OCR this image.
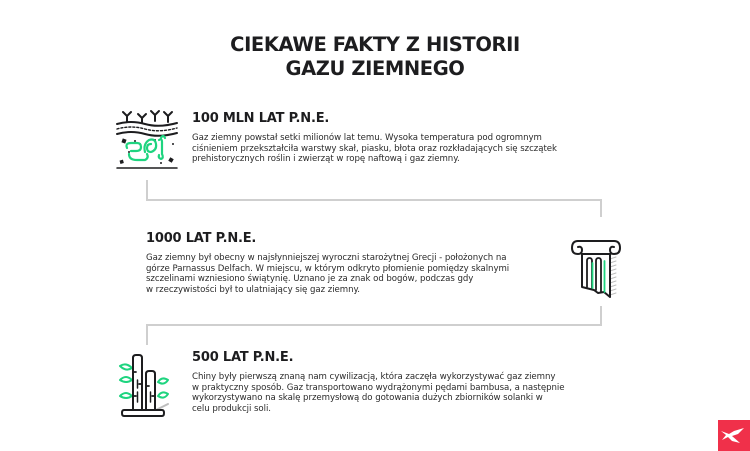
CIEKAWE FAKTY Z HISTORII
GAZU ZIEMNEGO
100 MLN LAT P.N.E.

Gaz ziemny powstał setki milionów lat temu. Wysoka temperatura pod ogromnym
ciśnieniem przekształciła warstwy skał, piasku, błota oraz rozkładających się szczątek
prehistorycznych roślin i zwierząt w ropę naftową i gaz ziemny.

1000 LAT P.N.E.

Gaz ziemny był obecny w najsłynniejszej wyroczni starożytnej Grecji - położonych na
górze Parnassus Delfach. W miejscu, w którym odkryto płomienie pomiędzy skalnymi
szczelinami wzniesiono świątynię. Uznano je za znak od bogów, podczas gdy
w rzeczywistości był to ulatniający się gaz ziemny.

500 LAT P.N.E.

Chiny były pierwszą znaną nam cywilizacją, która zaczęła wykorzystywać gaz ziemny
w praktyczny sposób. Gaz transportowano wydrążonymi pędami bambusa, a następnie
wykorzystywano na skalę przemysłową do gotowania dużych zbiorników solanki w
celu produkcji soli.
